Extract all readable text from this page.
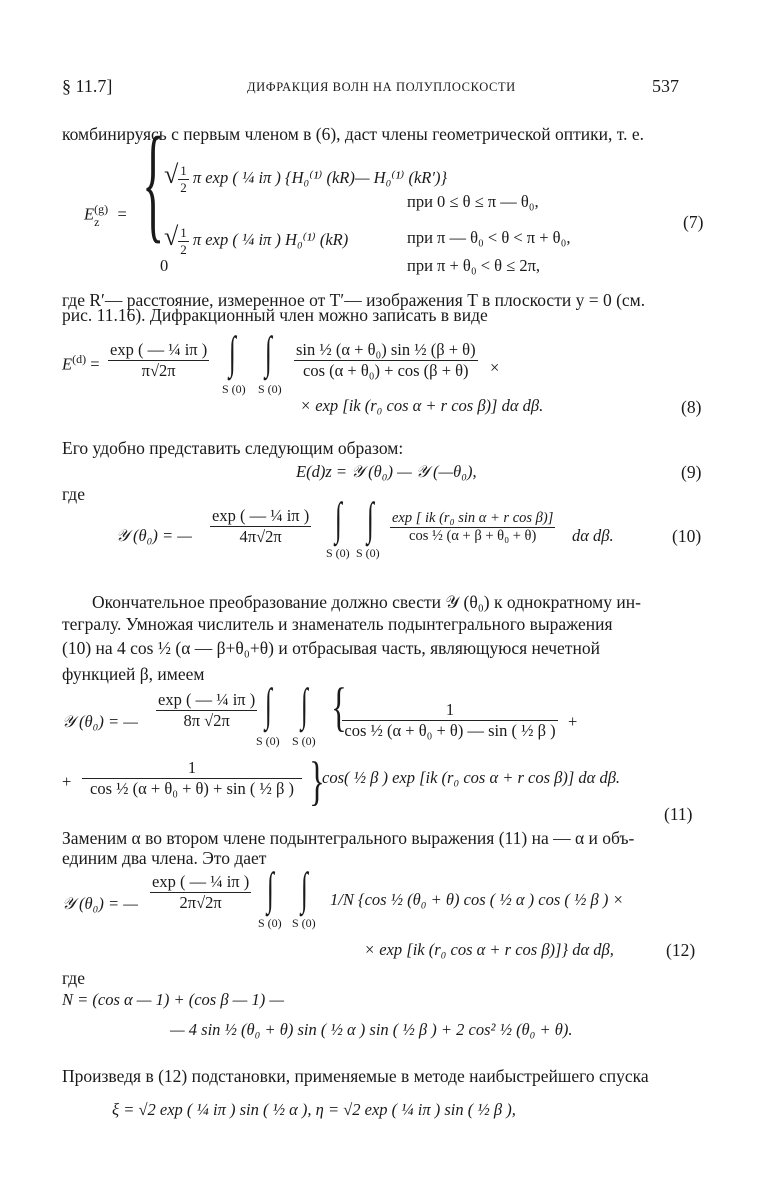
§ 11.7]	ДИФРАКЦИЯ ВОЛН НА ПОЛУПЛОСКОСТИ	537
комбинируясь с первым членом в (6), даст члены геометрической оптики, т. е.
$E^{(g)}_z$ = { √ $\frac{1}{2}$ π exp ( ¼ iπ ) {H₀⁽¹⁾ (kR)— H₀⁽¹⁾ (kR′)}
при 0 ≤ θ ≤ π — θ₀,
√ $\frac{1}{2}$ π exp ( ¼ iπ ) H₀⁽¹⁾ (kR)	при π — θ₀ < θ < π + θ₀,
0	при π + θ₀ < θ ≤ 2π,
(7)
где R′— расстояние, измеренное от T′— изображения T в плоскости y = 0 (см.
рис. 11.16). Дифракционный член можно записать в виде
$E^{(d)} = \frac{\text{exp ( — ¼ iπ )}}{\pi√2\pi}$ ∫
S (0)
∫
S (0)
$\frac{\text{sin ½ (α + θ₀) sin ½ (β + θ)}}{\text{cos (α + θ₀) + cos (β + θ)}}$ ×
× exp [ik (r₀ cos α + r cos β)] dα dβ.	(8)
Его удобно представить следующим образом:
E(d)z = 𝒴 (θ₀) — 𝒴 (—θ₀),	(9)
где
𝒴 (θ₀) = — $\frac{\text{exp ( — ¼ iπ )}}{4\pi√2\pi}$ ∫
S (0)
∫
S (0)
$\frac{\text{exp [ ik (r₀ sin α + r cos β)]}}{\text{cos ½ (α + β + θ₀ + θ)}}$ dα dβ.	(10)
Окончательное преобразование должно свести 𝒴 (θ₀) к однократному ин-
тегралу. Умножая числитель и знаменатель подынтегрального выражения
(10) на 4 cos ½ (α — β+θ₀+θ) и отбрасывая часть, являющуюся нечетной
функцией β, имеем
𝒴 (θ₀) = — $\frac{\text{exp ( — ¼ iπ )}}{8\pi √2\pi}$ ∫
S (0)
∫
S (0)
{
$\frac{1}{\text{cos ½ (α + θ₀ + θ) — sin ( ½ β )}}$ +
+ $\frac{1}{\text{cos ½ (α + θ₀ + θ) + sin ( ½ β )}}$ }
cos( ½ β ) exp [ik (r₀ cos α + r cos β)] dα dβ.
(11)
Заменим α во втором члене подынтегрального выражения (11) на — α и объ-
единим два члена. Это дает
𝒴 (θ₀) = — $\frac{\text{exp ( — ¼ iπ )}}{2\pi√2\pi}$ ∫
S (0)
∫
S (0)
1/N {cos ½ (θ₀ + θ) cos ( ½ α ) cos ( ½ β ) ×
× exp [ik (r₀ cos α + r cos β)]} dα dβ,	(12)
где
N = (cos α — 1) + (cos β — 1) —
— 4 sin ½ (θ₀ + θ) sin ( ½ α ) sin ( ½ β ) + 2 cos² ½ (θ₀ + θ).
Произведя в (12) подстановки, применяемые в методе наибыстрейшего спуска
ξ = √2 exp ( ¼ iπ ) sin ( ½ α ), η = √2 exp ( ¼ iπ ) sin ( ½ β ),
